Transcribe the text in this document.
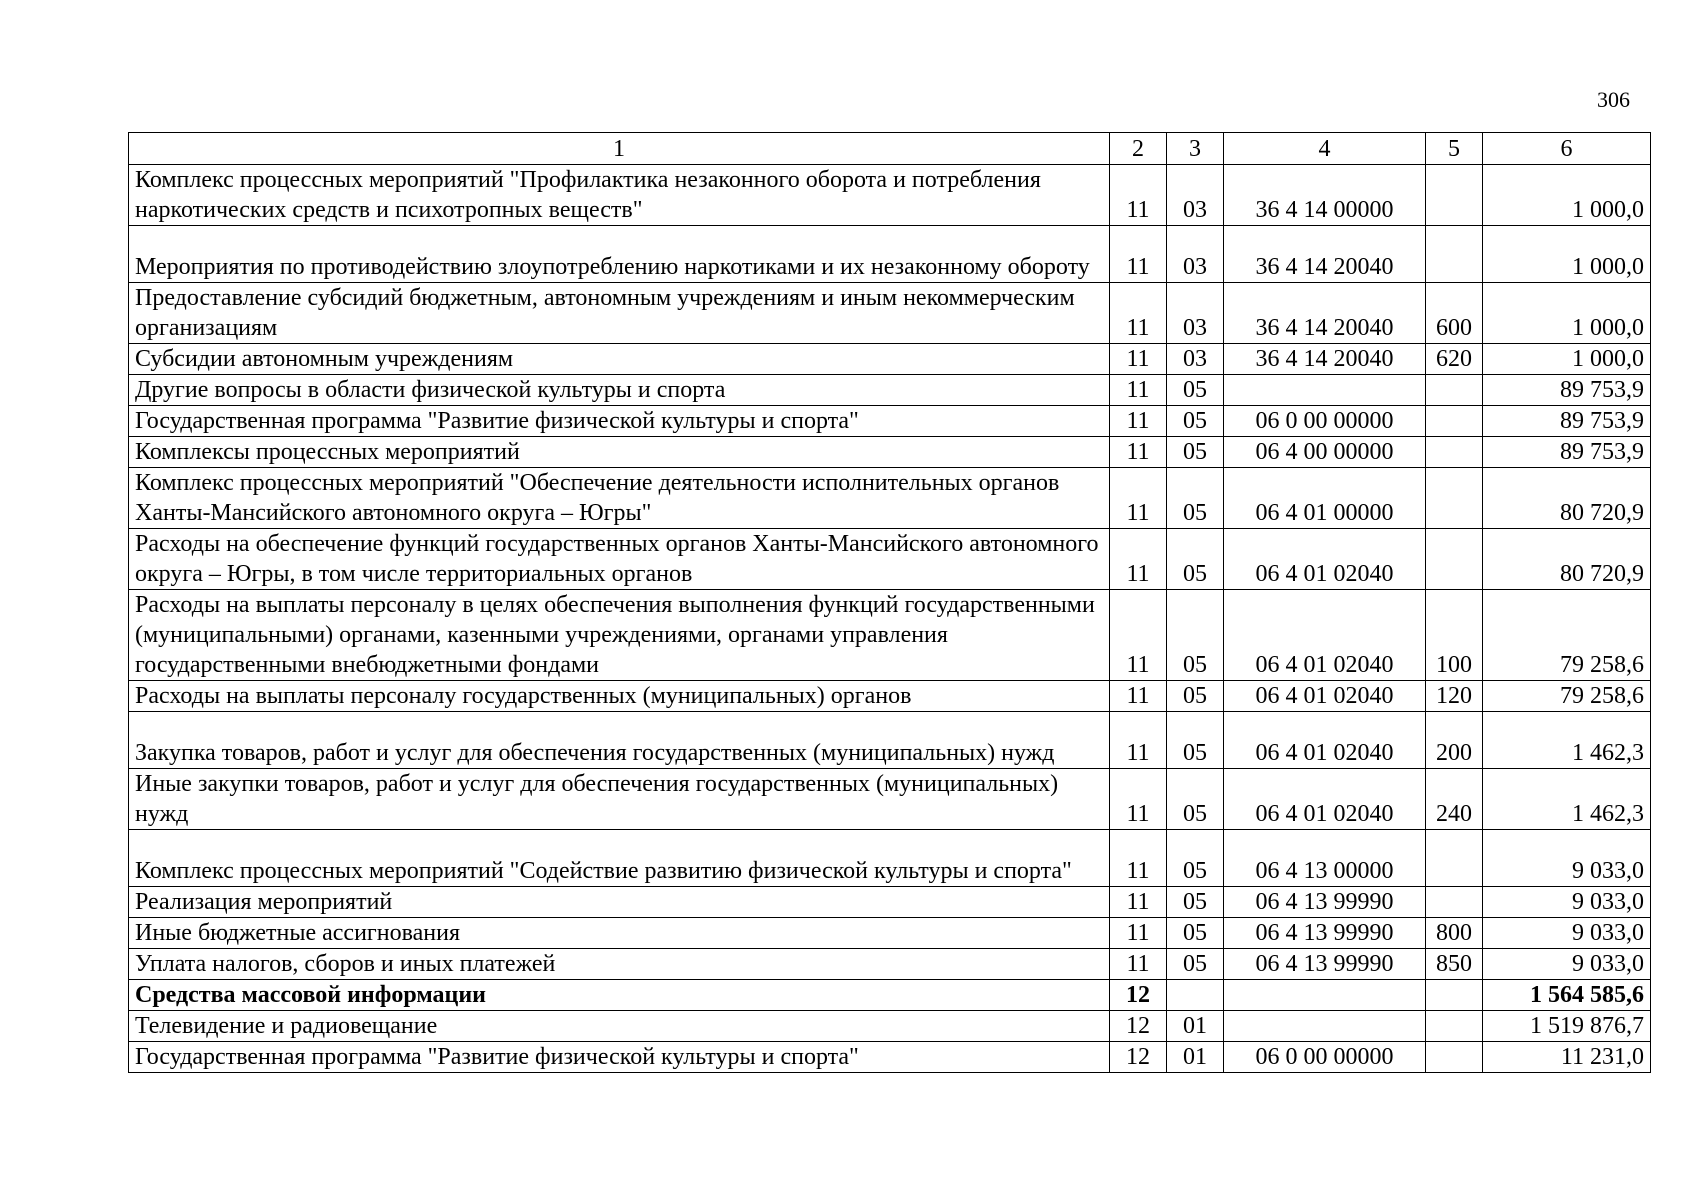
306
1	2	3	4	5	6
Комплекс процессных мероприятий "Профилактика незаконного оборота и потребления наркотических средств и психотропных веществ"	11	03	36 4 14 00000		1 000,0
Мероприятия по противодействию злоупотреблению наркотиками и их незаконному обороту	11	03	36 4 14 20040		1 000,0
Предоставление субсидий бюджетным, автономным учреждениям и иным некоммерческим организациям	11	03	36 4 14 20040	600	1 000,0
Субсидии автономным учреждениям	11	03	36 4 14 20040	620	1 000,0
Другие вопросы в области физической культуры и спорта	11	05			89 753,9
Государственная программа "Развитие физической культуры и спорта"	11	05	06 0 00 00000		89 753,9
Комплексы процессных мероприятий	11	05	06 4 00 00000		89 753,9
Комплекс процессных мероприятий "Обеспечение деятельности исполнительных органов Ханты-Мансийского автономного округа – Югры"	11	05	06 4 01 00000		80 720,9
Расходы на обеспечение функций государственных органов Ханты-Мансийского автономного округа – Югры, в том числе территориальных органов	11	05	06 4 01 02040		80 720,9
Расходы на выплаты персоналу в целях обеспечения выполнения функций государственными (муниципальными) органами, казенными учреждениями, органами управления государственными внебюджетными фондами	11	05	06 4 01 02040	100	79 258,6
Расходы на выплаты персоналу государственных (муниципальных) органов	11	05	06 4 01 02040	120	79 258,6
Закупка товаров, работ и услуг для обеспечения государственных (муниципальных) нужд	11	05	06 4 01 02040	200	1 462,3
Иные закупки товаров, работ и услуг для обеспечения государственных (муниципальных) нужд	11	05	06 4 01 02040	240	1 462,3
Комплекс процессных мероприятий "Содействие развитию физической культуры и спорта"	11	05	06 4 13 00000		9 033,0
Реализация мероприятий	11	05	06 4 13 99990		9 033,0
Иные бюджетные ассигнования	11	05	06 4 13 99990	800	9 033,0
Уплата налогов, сборов и иных платежей	11	05	06 4 13 99990	850	9 033,0
Средства массовой информации	12				1 564 585,6
Телевидение и радиовещание	12	01			1 519 876,7
Государственная программа "Развитие физической культуры и спорта"	12	01	06 0 00 00000		11 231,0
